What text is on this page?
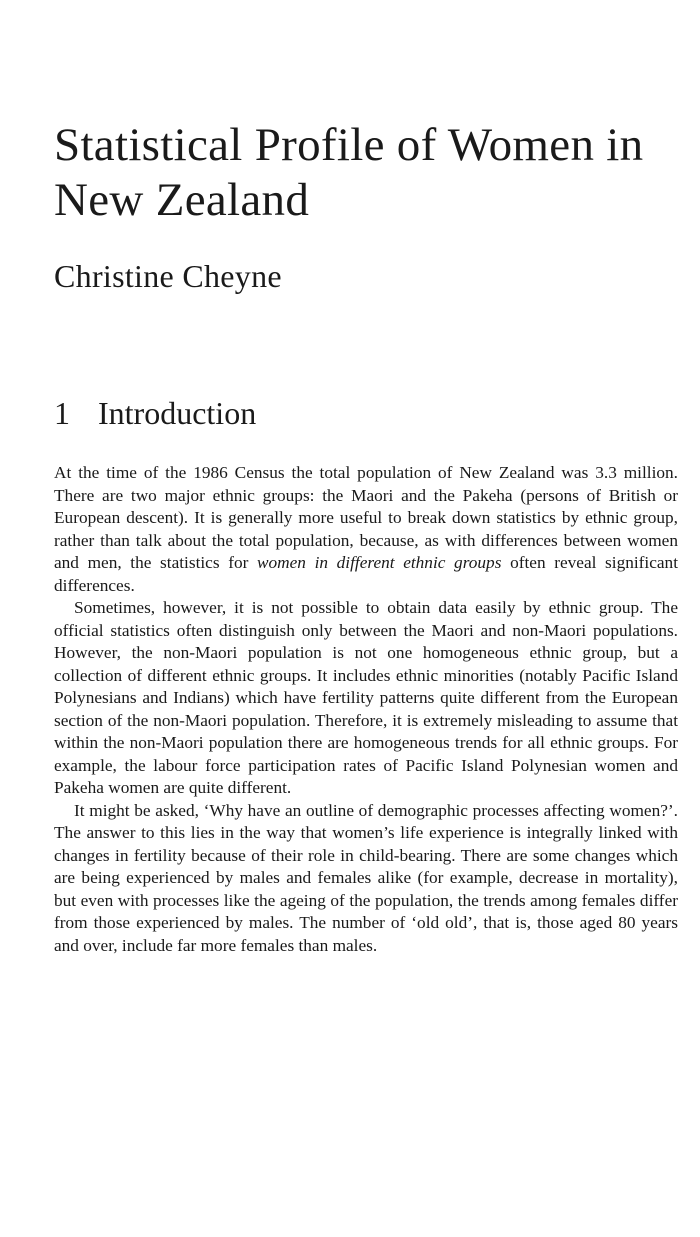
Statistical Profile of Women in New Zealand
Christine Cheyne
1 Introduction

At the time of the 1986 Census the total population of New Zealand was 3.3 million. There are two major ethnic groups: the Maori and the Pakeha (persons of British or European descent). It is generally more useful to break down statistics by ethnic group, rather than talk about the total population, because, as with differences between women and men, the statistics for women in different ethnic groups often reveal significant differences.

Sometimes, however, it is not possible to obtain data easily by ethnic group. The official statistics often distinguish only between the Maori and non-Maori populations. However, the non-Maori population is not one homogeneous ethnic group, but a collection of different ethnic groups. It includes ethnic minorities (notably Pacific Island Polynesians and Indians) which have fertility patterns quite different from the European section of the non-Maori population. Therefore, it is extremely misleading to assume that within the non-Maori population there are homogeneous trends for all ethnic groups. For example, the labour force participation rates of Pacific Island Polynesian women and Pakeha women are quite different.

It might be asked, ‘Why have an outline of demographic processes affecting women?’. The answer to this lies in the way that women’s life experience is integrally linked with changes in fertility because of their role in child-bearing. There are some changes which are being experienced by males and females alike (for example, decrease in mortality), but even with processes like the ageing of the population, the trends among females differ from those experienced by males. The number of ‘old old’, that is, those aged 80 years and over, include far more females than males.
